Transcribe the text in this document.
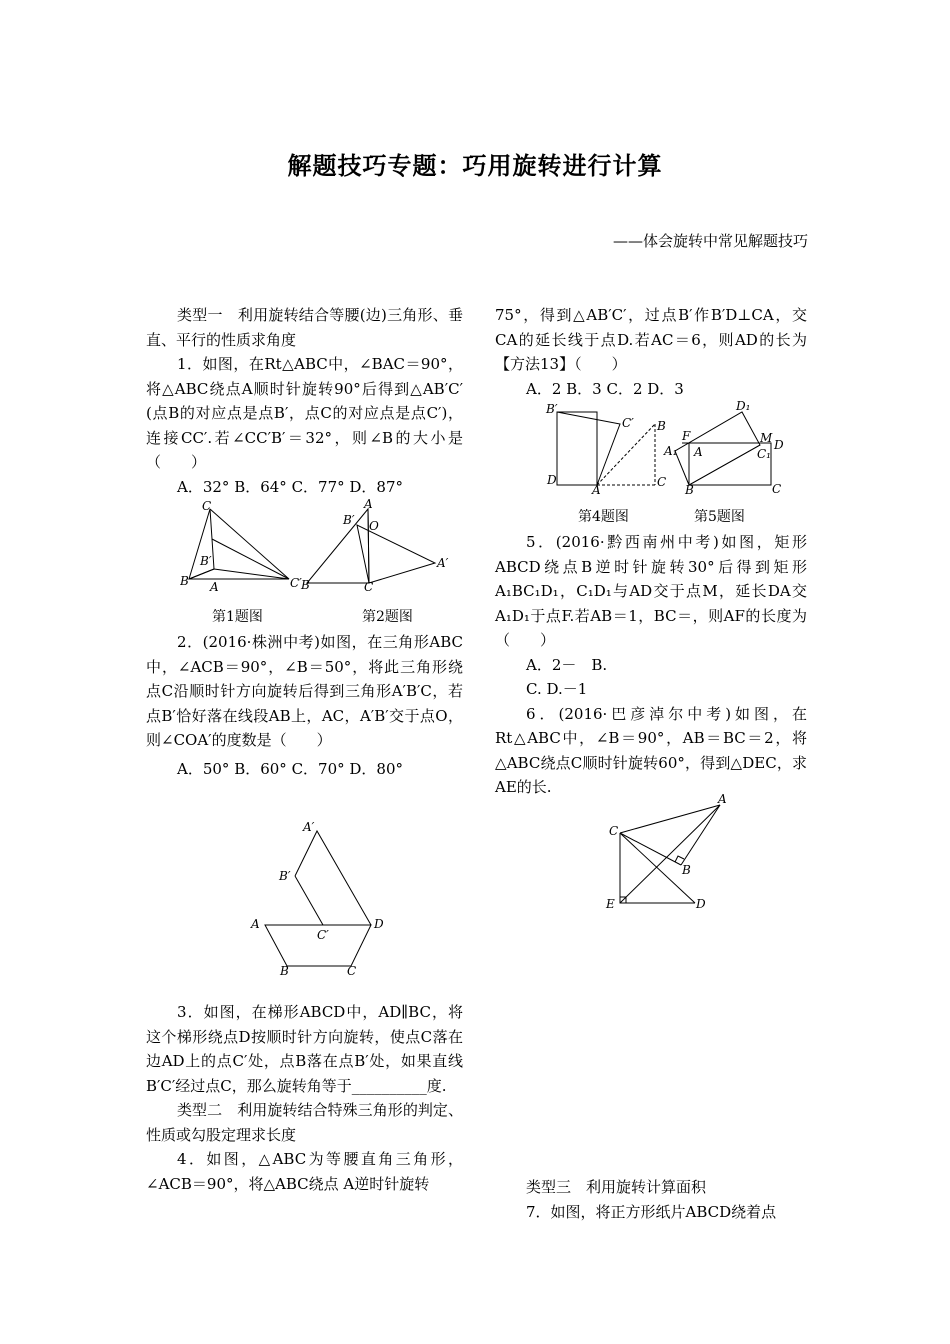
解题技巧专题：巧用旋转进行计算
——体会旋转中常见解题技巧

类型一　利用旋转结合等腰(边)三角形、垂直、平行的性质求角度

1．如图，在Rt△ABC中，∠BAC＝90°，将△ABC绕点A顺时针旋转90°后得到△AB′C′(点B的对应点是点B′，点C的对应点是点C′)，连接CC′.若∠CC′B′＝32°，则∠B的大小是（　　）

A．32° B．64° C．77° D．87°

C
B′
B A	C′
A
B′ O
A′
B	C
第1题图	第2题图

2．(2016·株洲中考)如图，在三角形ABC中，∠ACB＝90°，∠B＝50°，将此三角形绕点C沿顺时针方向旋转后得到三角形A′B′C，若点B′恰好落在线段AB上，AC，A′B′交于点O，则∠COA′的度数是（　　）

A．50° B．60° C．70° D．80°

A′
B′
A
C′
D
B	C

3．如图，在梯形ABCD中，AD∥BC，将这个梯形绕点D按顺时针方向旋转，使点C落在边AD上的点C′处，点B落在点B′处，如果直线B′C′经过点C，那么旋转角等于__________度.

类型二　利用旋转结合特殊三角形的判定、性质或勾股定理求长度

4．如图，△ABC为等腰直角三角形，∠ACB＝90°，将△ABC绕点 A逆时针旋转

75°，得到△AB′C′，过点B′作B′D⊥CA，交CA的延长线于点D.若AC＝6，则AD的长为【方法13】（　　）

A．2 B．3 C．2 D．3

B′
C′ B
D
A
C
D₁
F	M
A	D
A₁	C₁
B	C
第4题图	第5题图

5．(2016·黔西南州中考)如图，矩形ABCD绕点B逆时针旋转30°后得到矩形A₁BC₁D₁，C₁D₁与AD交于点M，延长DA交A₁D₁于点F.若AB＝1，BC＝，则AF的长度为（　　）

A．2－　B.

C. D.－1

6．(2016·巴彦淖尔中考)如图，在Rt△ABC中，∠B＝90°，AB＝BC＝2，将△ABC绕点C顺时针旋转60°，得到△DEC，求AE的长.

A
C
B
E	D

类型三　利用旋转计算面积

7．如图，将正方形纸片ABCD绕着点
